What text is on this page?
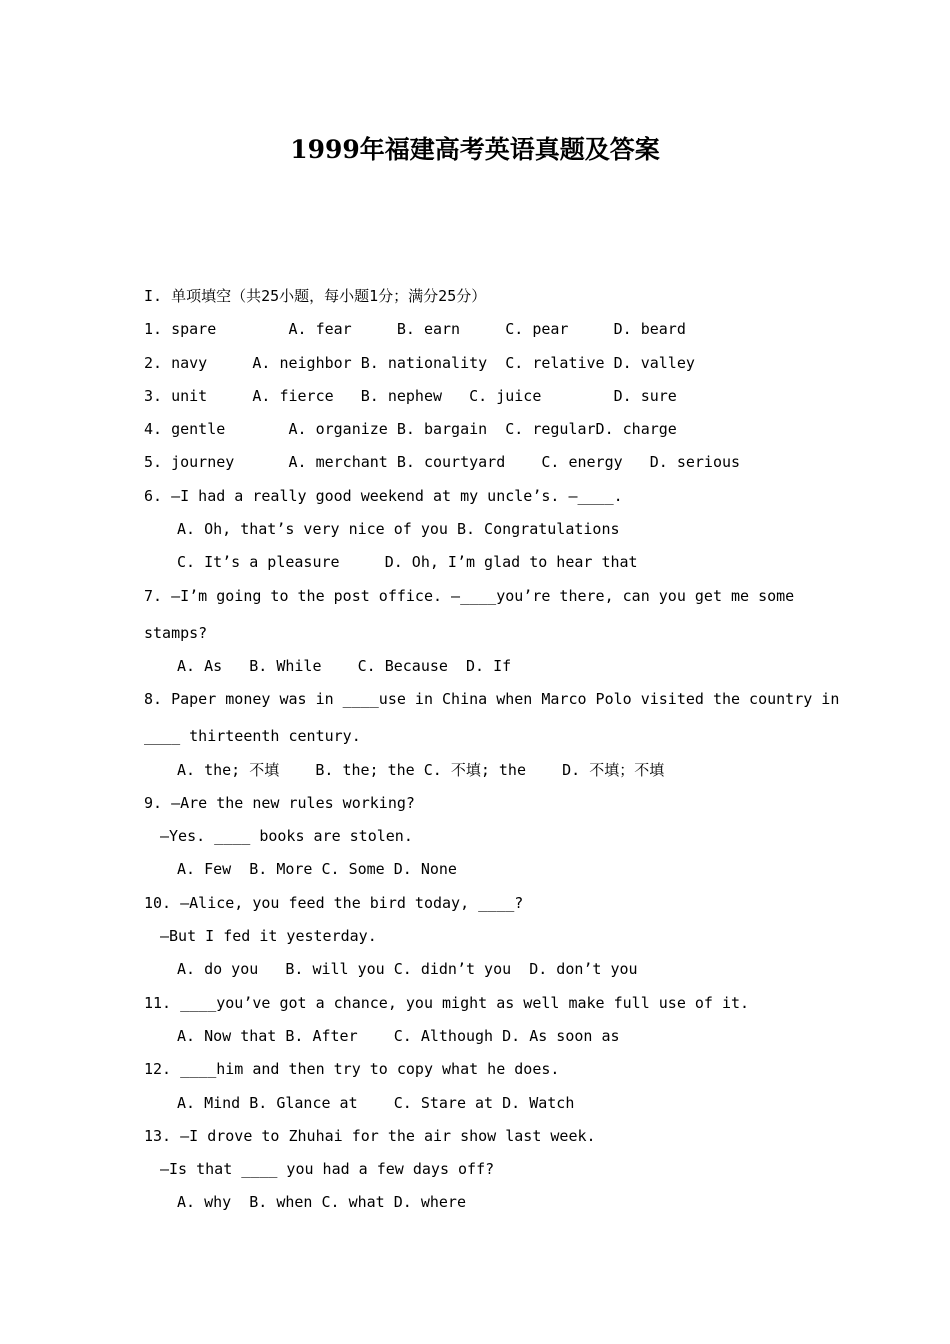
1999年福建高考英语真题及答案
I. 单项填空（共25小题，每小题1分；满分25分）
1. spare        A. fear     B. earn     C. pear     D. beard
2. navy     A. neighbor B. nationality  C. relative D. valley
3. unit     A. fierce   B. nephew   C. juice        D. sure
4. gentle       A. organize B. bargain  C. regularD. charge
5. journey      A. merchant B. courtyard    C. energy   D. serious
6. —I had a really good weekend at my uncle’s. —____.
A. Oh, that’s very nice of you B. Congratulations
C. It’s a pleasure     D. Oh, I’m glad to hear that
7. —I’m going to the post office. —____you’re there, can you get me some
stamps?
A. As   B. While    C. Because  D. If
8. Paper money was in ____use in China when Marco Polo visited the country in
____ thirteenth century.
A. the; 不填    B. the; the C. 不填; the    D. 不填；不填
9. —Are the new rules working?
—Yes. ____ books are stolen.
A. Few  B. More C. Some D. None
10. —Alice, you feed the bird today, ____?
—But I fed it yesterday.
A. do you   B. will you C. didn’t you  D. don’t you
11. ____you’ve got a chance, you might as well make full use of it.
A. Now that B. After    C. Although D. As soon as
12. ____him and then try to copy what he does.
A. Mind B. Glance at    C. Stare at D. Watch
13. —I drove to Zhuhai for the air show last week.
—Is that ____ you had a few days off?
A. why  B. when C. what D. where
